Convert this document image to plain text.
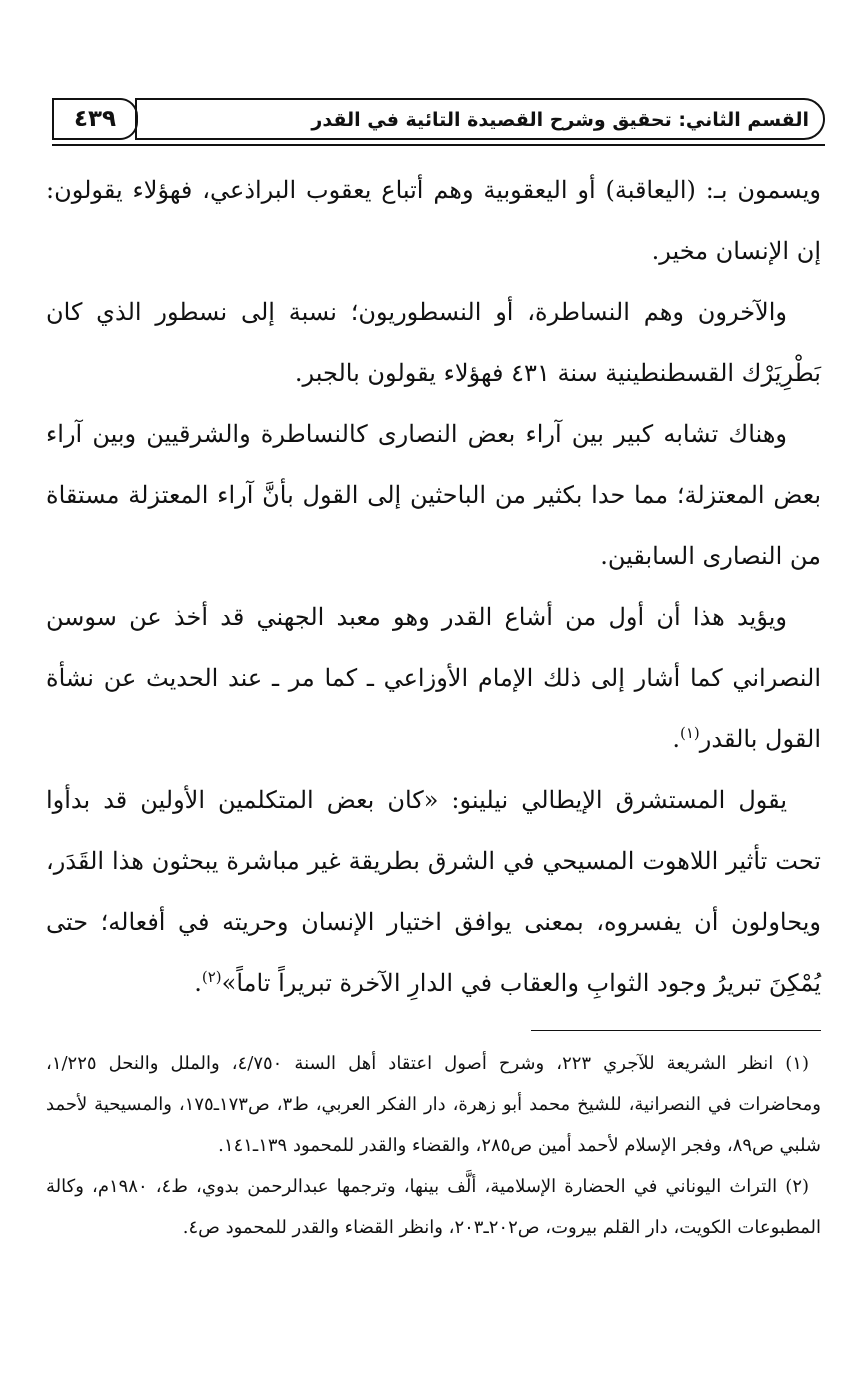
القسم الثاني: تحقيق وشرح القصيدة التائية في القدر
٤٣٩

ويسمون بـ: (اليعاقبة) أو اليعقوبية وهم أتباع يعقوب البراذعي، فهؤلاء يقولون: إن الإنسان مخير.

والآخرون وهم النساطرة، أو النسطوريون؛ نسبة إلى نسطور الذي كان بَطْرِيَرْك القسطنطينية سنة ٤٣١ فهؤلاء يقولون بالجبر.

وهناك تشابه كبير بين آراء بعض النصارى كالنساطرة والشرقيين وبين آراء بعض المعتزلة؛ مما حدا بكثير من الباحثين إلى القول بأنَّ آراء المعتزلة مستقاة من النصارى السابقين.

ويؤيد هذا أن أول من أشاع القدر وهو معبد الجهني قد أخذ عن سوسن النصراني كما أشار إلى ذلك الإمام الأوزاعي ـ كما مر ـ عند الحديث عن نشأة القول بالقدر$^{(١)}$.

يقول المستشرق الإيطالي نيلينو: «كان بعض المتكلمين الأولين قد بدأوا تحت تأثير اللاهوت المسيحي في الشرق بطريقة غير مباشرة يبحثون هذا القَدَر، ويحاولون أن يفسروه، بمعنى يوافق اختيار الإنسان وحريته في أفعاله؛ حتى يُمْكِنَ تبريرُ وجود الثوابِ والعقاب في الدارِ الآخرة تبريراً تاماً»$^{(٢)}$.

(١) انظر الشريعة للآجري ٢٢٣، وشرح أصول اعتقاد أهل السنة ٤/٧٥٠، والملل والنحل ١/٢٢٥، ومحاضرات في النصرانية، للشيخ محمد أبو زهرة، دار الفكر العربي، ط٣، ص١٧٣ـ١٧٥، والمسيحية لأحمد شلبي ص٨٩، وفجر الإسلام لأحمد أمين ص٢٨٥، والقضاء والقدر للمحمود ١٣٩ـ١٤١.

(٢) التراث اليوناني في الحضارة الإسلامية، ألَّف بينها، وترجمها عبدالرحمن بدوي، ط٤، ١٩٨٠م، وكالة المطبوعات الكويت، دار القلم بيروت، ص٢٠٢ـ٢٠٣، وانظر القضاء والقدر للمحمود ص٤.
